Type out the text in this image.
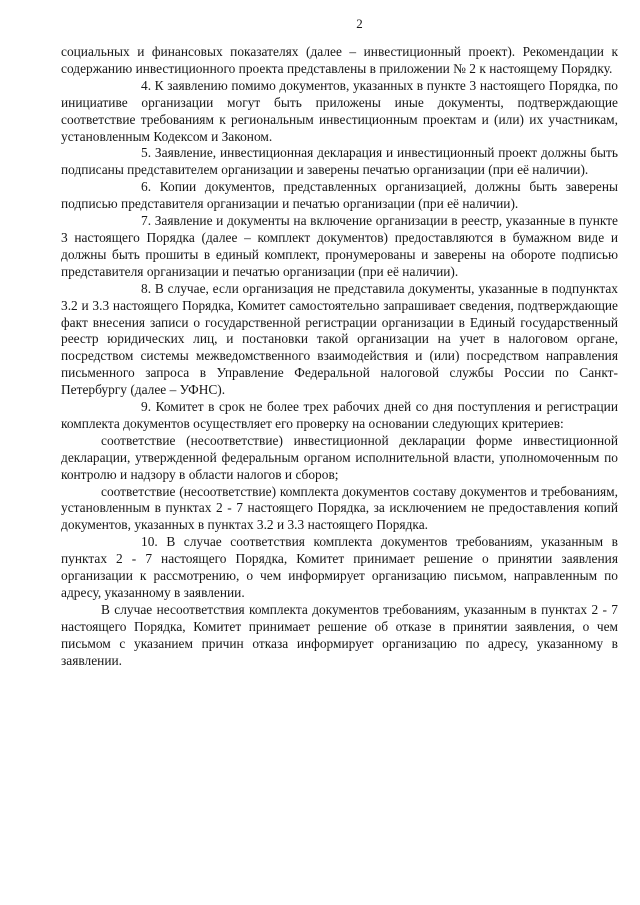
2

социальных и финансовых показателях (далее – инвестиционный проект). Рекомендации к содержанию инвестиционного проекта представлены в приложении № 2 к настоящему Порядку.

4. К заявлению помимо документов, указанных в пункте 3 настоящего Порядка, по инициативе организации могут быть приложены иные документы, подтверждающие соответствие требованиям к региональным инвестиционным проектам и (или) их участникам, установленным Кодексом и Законом.

5. Заявление, инвестиционная декларация и инвестиционный проект должны быть подписаны представителем организации и заверены печатью организации (при её наличии).

6. Копии документов, представленных организацией, должны быть заверены подписью представителя организации и печатью организации (при её наличии).

7. Заявление и документы на включение организации в реестр, указанные в пункте 3 настоящего Порядка (далее – комплект документов) предоставляются в бумажном виде и должны быть прошиты в единый комплект, пронумерованы и заверены на обороте подписью представителя организации и печатью организации (при её наличии).

8. В случае, если организация не представила документы, указанные в подпунктах 3.2 и 3.3 настоящего Порядка, Комитет самостоятельно запрашивает сведения, подтверждающие факт внесения записи о государственной регистрации организации в Единый государственный реестр юридических лиц, и постановки такой организации на учет в налоговом органе, посредством системы межведомственного взаимодействия и (или) посредством направления письменного запроса в Управление Федеральной налоговой службы России по Санкт-Петербургу (далее – УФНС).

9. Комитет в срок не более трех рабочих дней со дня поступления и регистрации комплекта документов осуществляет его проверку на основании следующих критериев:

соответствие (несоответствие) инвестиционной декларации форме инвестиционной декларации, утвержденной федеральным органом исполнительной власти, уполномоченным по контролю и надзору в области налогов и сборов;

соответствие (несоответствие) комплекта документов составу документов и требованиям, установленным в пунктах 2 - 7 настоящего Порядка, за исключением не предоставления копий документов, указанных в пунктах 3.2 и 3.3 настоящего Порядка.

10. В случае соответствия комплекта документов требованиям, указанным в пунктах 2 - 7 настоящего Порядка, Комитет принимает решение о принятии заявления организации к рассмотрению, о чем информирует организацию письмом, направленным по адресу, указанному в заявлении.

В случае несоответствия комплекта документов требованиям, указанным в пунктах 2 - 7 настоящего Порядка, Комитет принимает решение об отказе в принятии заявления, о чем письмом с указанием причин отказа информирует организацию по адресу, указанному в заявлении.
